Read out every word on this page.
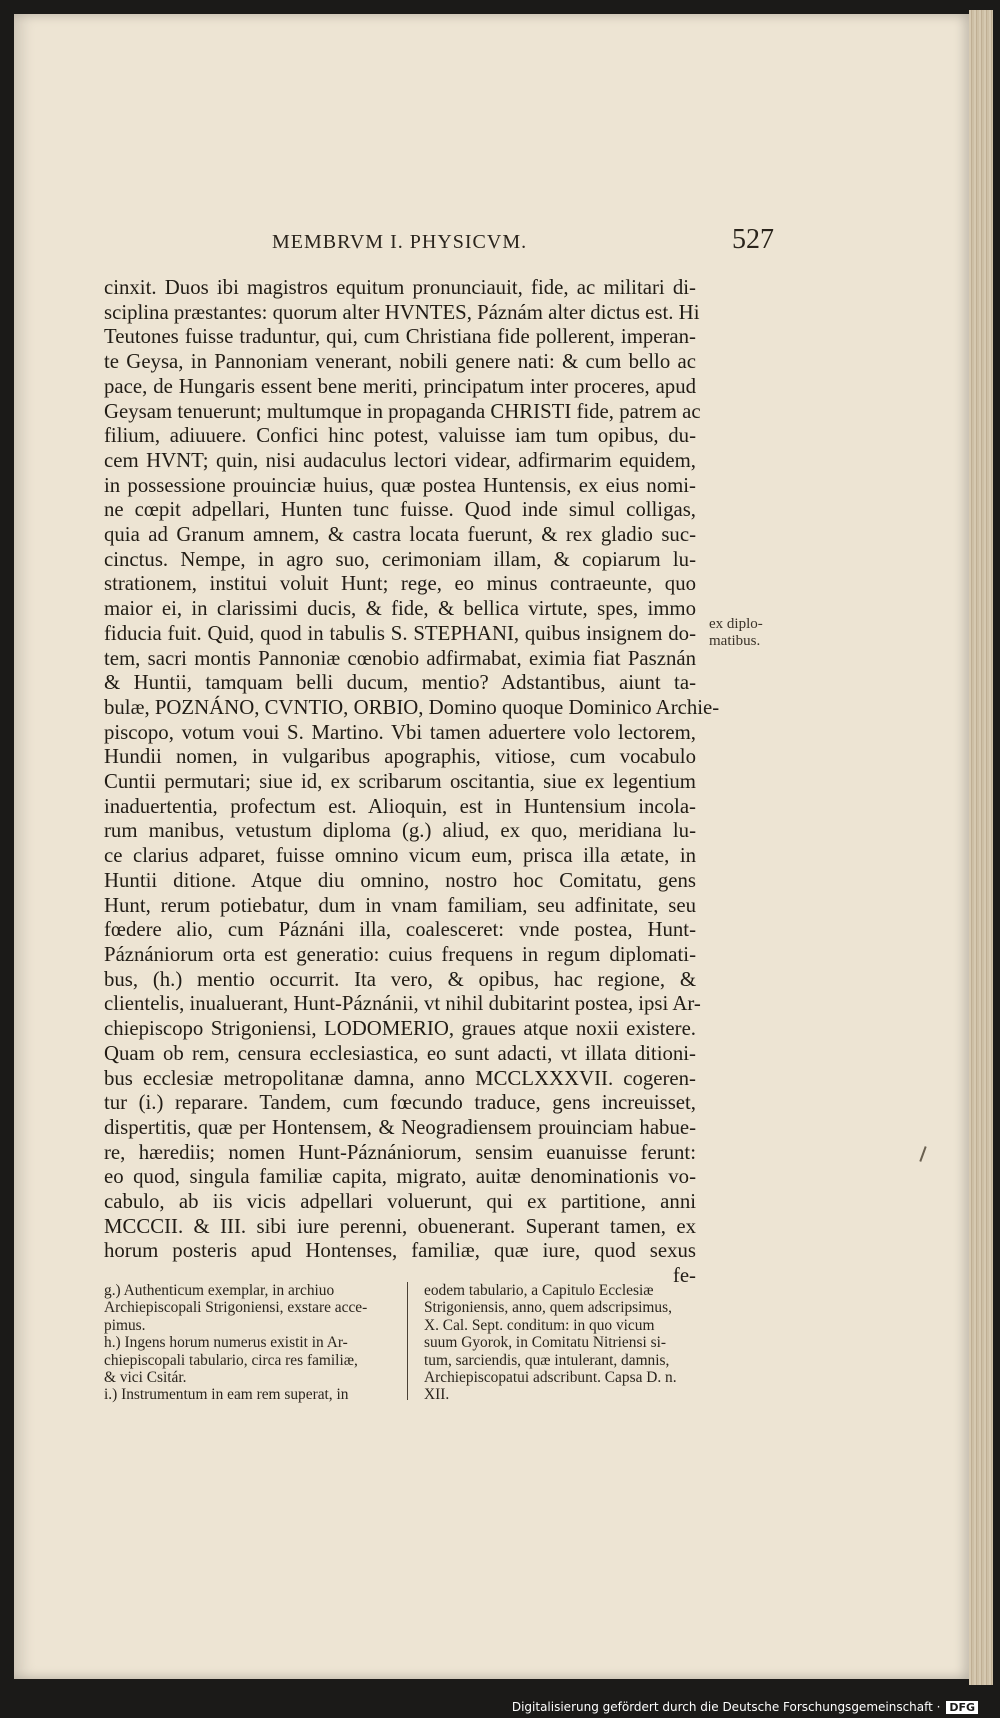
MEMBRVM I. PHYSICVM.	527

cinxit. Duos ibi magistros equitum pronunciauit, fide, ac militari di-

sciplina præstantes: quorum alter HVNTES, Páznám alter dictus est. Hi

Teutones fuisse traduntur, qui, cum Christiana fide pollerent, imperan-

te Geysa, in Pannoniam venerant, nobili genere nati: & cum bello ac

pace, de Hungaris essent bene meriti, principatum inter proceres, apud

Geysam tenuerunt; multumque in propaganda CHRISTI fide, patrem ac

filium, adiuuere. Confici hinc potest, valuisse iam tum opibus, du-

cem HVNT; quin, nisi audaculus lectori videar, adfirmarim equidem,

in possessione prouinciæ huius, quæ postea Huntensis, ex eius nomi-

ne cœpit adpellari, Hunten tunc fuisse. Quod inde simul colligas,

quia ad Granum amnem, & castra locata fuerunt, & rex gladio suc-

cinctus. Nempe, in agro suo, cerimoniam illam, & copiarum lu-

strationem, institui voluit Hunt; rege, eo minus contraeunte, quo

maior ei, in clarissimi ducis, & fide, & bellica virtute, spes, immo

fiducia fuit. Quid, quod in tabulis S. STEPHANI, quibus insignem do-

tem, sacri montis Pannoniæ cœnobio adfirmabat, eximia fiat Pasznán

& Huntii, tamquam belli ducum, mentio? Adstantibus, aiunt ta-

bulæ, POZNÁNO, CVNTIO, ORBIO, Domino quoque Dominico Archie-

piscopo, votum voui S. Martino. Vbi tamen aduertere volo lectorem,

Hundii nomen, in vulgaribus apographis, vitiose, cum vocabulo

Cuntii permutari; siue id, ex scribarum oscitantia, siue ex legentium

inaduertentia, profectum est. Alioquin, est in Huntensium incola-

rum manibus, vetustum diploma (g.) aliud, ex quo, meridiana lu-

ce clarius adparet, fuisse omnino vicum eum, prisca illa ætate, in

Huntii ditione. Atque diu omnino, nostro hoc Comitatu, gens

Hunt, rerum potiebatur, dum in vnam familiam, seu adfinitate, seu

fœdere alio, cum Páznáni illa, coalesceret: vnde postea, Hunt-

Páznániorum orta est generatio: cuius frequens in regum diplomati-

bus, (h.) mentio occurrit. Ita vero, & opibus, hac regione, &

clientelis, inualuerant, Hunt-Páznánii, vt nihil dubitarint postea, ipsi Ar-

chiepiscopo Strigoniensi, LODOMERIO, graues atque noxii existere.

Quam ob rem, censura ecclesiastica, eo sunt adacti, vt illata ditioni-

bus ecclesiæ metropolitanæ damna, anno MCCLXXXVII. cogeren-

tur (i.) reparare. Tandem, cum fœcundo traduce, gens increuisset,

dispertitis, quæ per Hontensem, & Neogradiensem prouinciam habue-

re, hærediis; nomen Hunt-Páznániorum, sensim euanuisse ferunt:

eo quod, singula familiæ capita, migrato, auitæ denominationis vo-

cabulo, ab iis vicis adpellari voluerunt, qui ex partitione, anni

MCCCII. & III. sibi iure perenni, obuenerant. Superant tamen, ex

horum posteris apud Hontenses, familiæ, quæ iure, quod sexus

fe-

ex diplo-

matibus.

g.) Authenticum exemplar, in archiuo

Archiepiscopali Strigoniensi, exstare acce-

pimus.

h.) Ingens horum numerus existit in Ar-

chiepiscopali tabulario, circa res familiæ,

& vici Csitár.

i.) Instrumentum in eam rem superat, in

eodem tabulario, a Capitulo Ecclesiæ

Strigoniensis, anno, quem adscripsimus,

X. Cal. Sept. conditum: in quo vicum

suum Gyorok, in Comitatu Nitriensi si-

tum, sarciendis, quæ intulerant, damnis,

Archiepiscopatui adscribunt. Capsa D. n.

XII.

Digitalisierung gefördert durch die Deutsche Forschungsgemeinschaft · DFG
